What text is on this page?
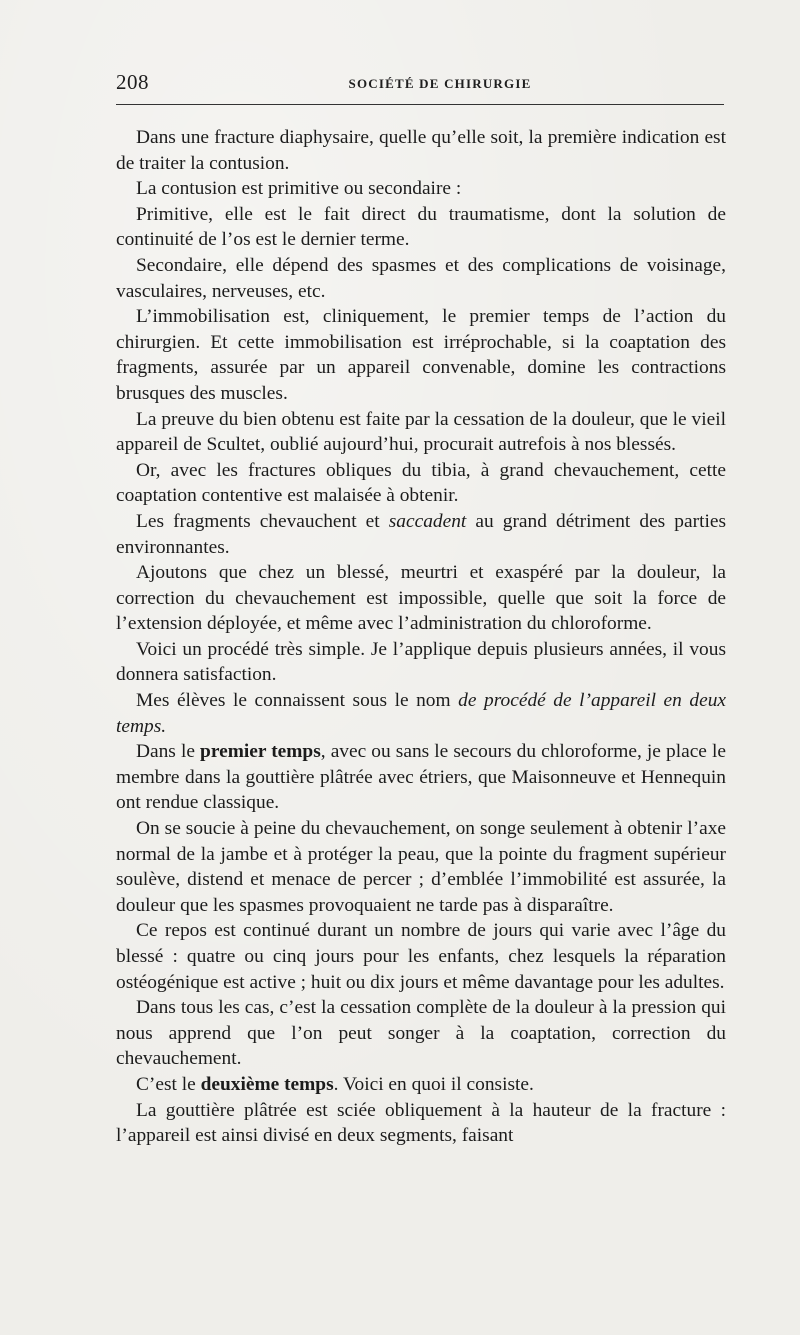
208	SOCIÉTÉ DE CHIRURGIE

Dans une fracture diaphysaire, quelle qu’elle soit, la première indication est de traiter la contusion.

La contusion est primitive ou secondaire :

Primitive, elle est le fait direct du traumatisme, dont la solution de continuité de l’os est le dernier terme.

Secondaire, elle dépend des spasmes et des complications de voisinage, vasculaires, nerveuses, etc.

L’immobilisation est, cliniquement, le premier temps de l’action du chirurgien. Et cette immobilisation est irréprochable, si la coaptation des fragments, assurée par un appareil convenable, domine les contractions brusques des muscles.

La preuve du bien obtenu est faite par la cessation de la douleur, que le vieil appareil de Scultet, oublié aujourd’hui, procurait autrefois à nos blessés.

Or, avec les fractures obliques du tibia, à grand chevauchement, cette coaptation contentive est malaisée à obtenir.

Les fragments chevauchent et saccadent au grand détriment des parties environnantes.

Ajoutons que chez un blessé, meurtri et exaspéré par la douleur, la correction du chevauchement est impossible, quelle que soit la force de l’extension déployée, et même avec l’administration du chloroforme.

Voici un procédé très simple. Je l’applique depuis plusieurs années, il vous donnera satisfaction.

Mes élèves le connaissent sous le nom de procédé de l’appareil en deux temps.

Dans le premier temps, avec ou sans le secours du chloroforme, je place le membre dans la gouttière plâtrée avec étriers, que Maisonneuve et Hennequin ont rendue classique.

On se soucie à peine du chevauchement, on songe seulement à obtenir l’axe normal de la jambe et à protéger la peau, que la pointe du fragment supérieur soulève, distend et menace de percer ; d’emblée l’immobilité est assurée, la douleur que les spasmes provoquaient ne tarde pas à disparaître.

Ce repos est continué durant un nombre de jours qui varie avec l’âge du blessé : quatre ou cinq jours pour les enfants, chez lesquels la réparation ostéogénique est active ; huit ou dix jours et même davantage pour les adultes.

Dans tous les cas, c’est la cessation complète de la douleur à la pression qui nous apprend que l’on peut songer à la coaptation, correction du chevauchement.

C’est le deuxième temps. Voici en quoi il consiste.

La gouttière plâtrée est sciée obliquement à la hauteur de la fracture : l’appareil est ainsi divisé en deux segments, faisant
